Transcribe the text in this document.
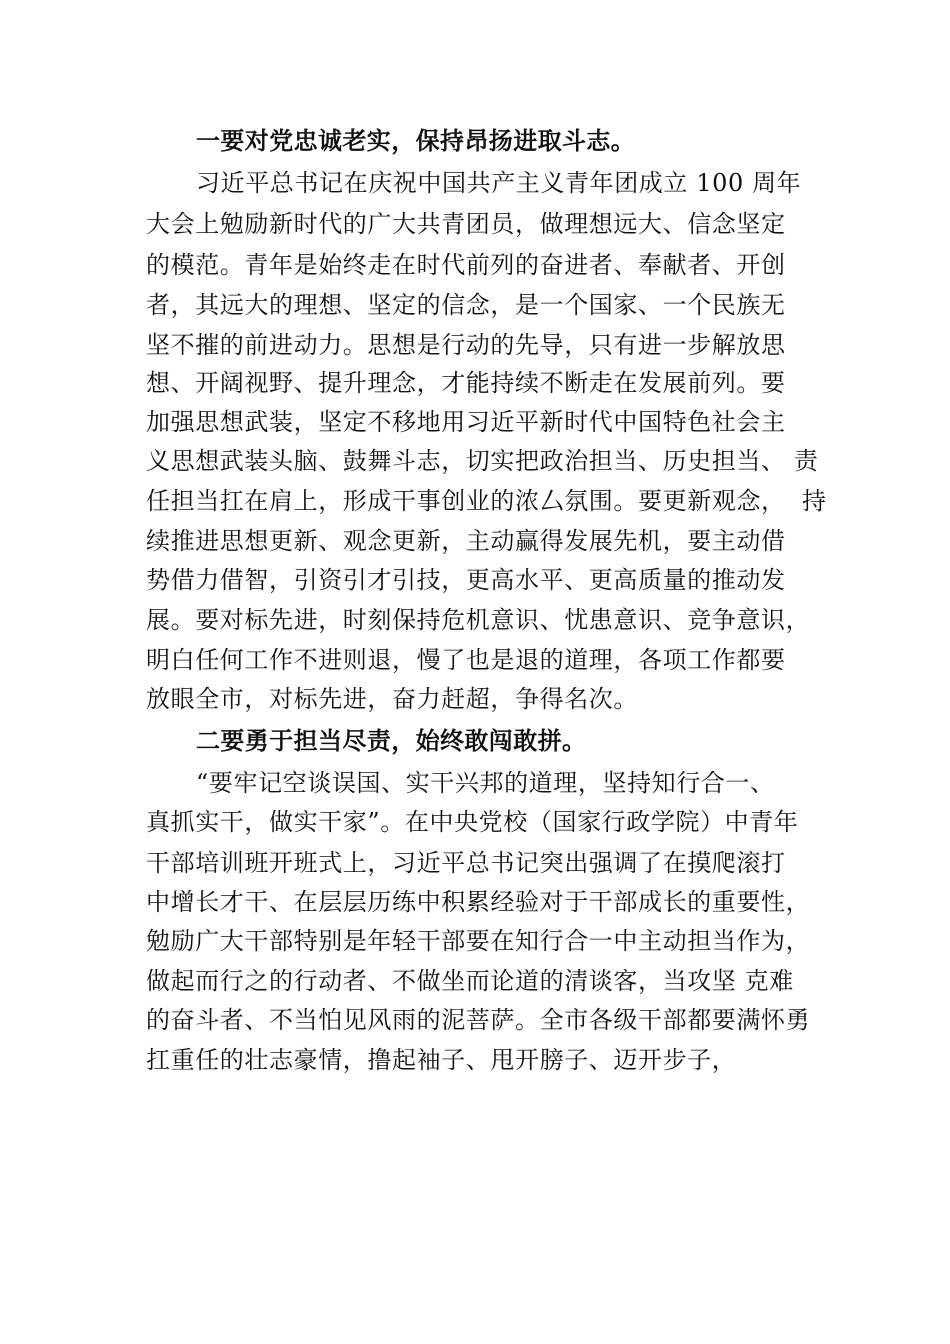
一要对党忠诚老实，保持昂扬进取斗志。
习近平总书记在庆祝中国共产主义青年团成立 100 周年
大会上勉励新时代的广大共青团员，做理想远大、信念坚定
的模范。青年是始终走在时代前列的奋进者、奉献者、开创
者，其远大的理想、坚定的信念，是一个国家、一个民族无
坚不摧的前进动力。思想是行动的先导，只有进一步解放思
想、开阔视野、提升理念，才能持续不断走在发展前列。要
加强思想武装，坚定不移地用习近平新时代中国特色社会主
义思想武装头脑、鼓舞斗志，切实把政治担当、历史担当、 责
任担当扛在肩上，形成干事创业的浓厶氛围。要更新观念，  持
续推进思想更新、观念更新，主动赢得发展先机，要主动借
势借力借智，引资引才引技，更高水平、更高质量的推动发
展。要对标先进，时刻保持危机意识、忧患意识、竞争意识，
明白任何工作不进则退，慢了也是退的道理，各项工作都要
放眼全市，对标先进，奋力赶超，争得名次。
二要勇于担当尽责，始终敢闯敢拼。
“要牢记空谈误国、实干兴邦的道理，坚持知行合一、
真抓实干，做实干家”。在中央党校（国家行政学院）中青年
干部培训班开班式上，习近平总书记突出强调了在摸爬滚打
中增长才干、在层层历练中积累经验对于干部成长的重要性，
勉励广大干部特别是年轻干部要在知行合一中主动担当作为，
做起而行之的行动者、不做坐而论道的清谈客，当攻坚 克难
的奋斗者、不当怕见风雨的泥菩萨。全市各级干部都要满怀勇
扛重任的壮志豪情，撸起袖子、甩开膀子、迈开步子，
